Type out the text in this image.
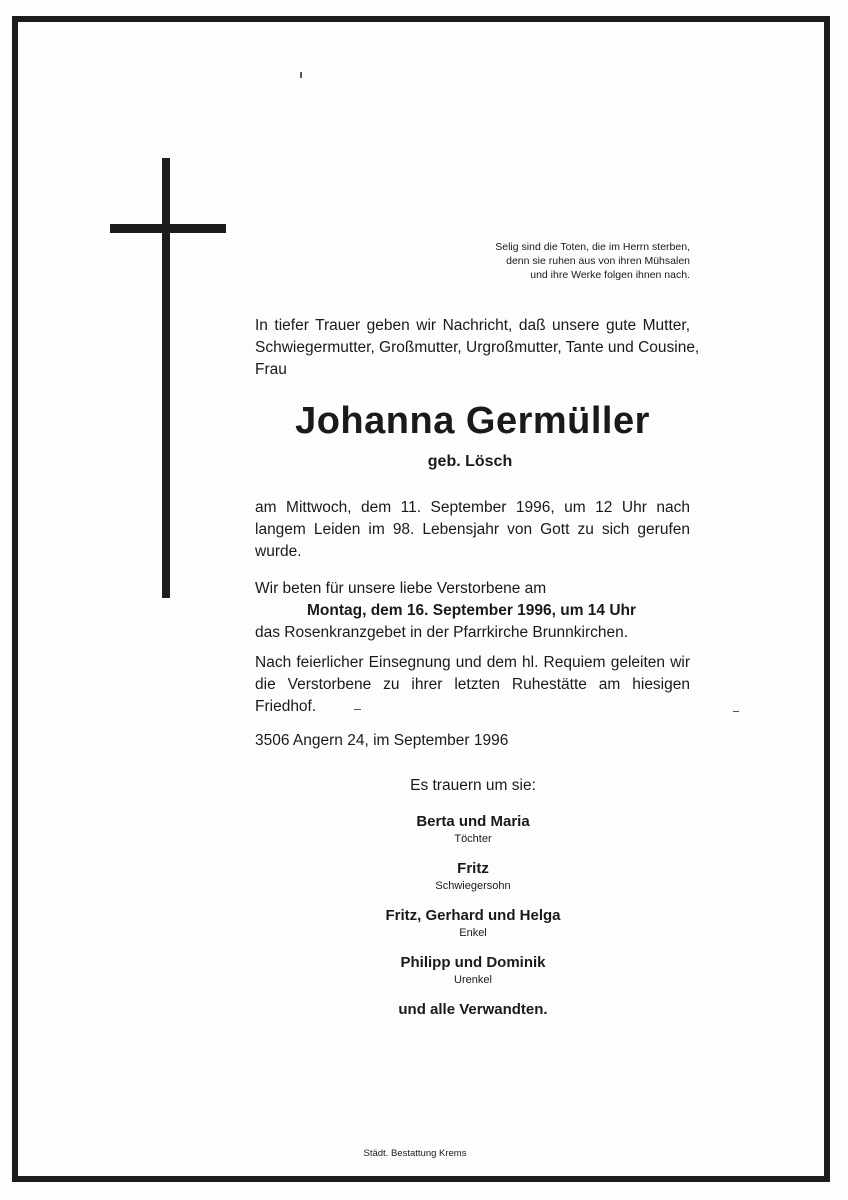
Selig sind die Toten, die im Herrn sterben,
denn sie ruhen aus von ihren Mühsalen
und ihre Werke folgen ihnen nach.
In tiefer Trauer geben wir Nachricht, daß unsere gute Mutter,
Schwiegermutter, Großmutter, Urgroßmutter, Tante und Cousine,
Frau
Johanna Germüller
geb. Lösch
am Mittwoch, dem 11. September 1996, um 12 Uhr nach
langem Leiden im 98. Lebensjahr von Gott zu sich gerufen
wurde.
Wir beten für unsere liebe Verstorbene am
Montag, dem 16. September 1996, um 14 Uhr
das Rosenkranzgebet in der Pfarrkirche Brunnkirchen.
Nach feierlicher Einsegnung und dem hl. Requiem geleiten wir
die Verstorbene zu ihrer letzten Ruhestätte am hiesigen
Friedhof.
3506 Angern 24, im September 1996
Es trauern um sie:
Berta und Maria
Töchter
Fritz
Schwiegersohn
Fritz, Gerhard und Helga
Enkel
Philipp und Dominik
Urenkel
und alle Verwandten.
Städt. Bestattung Krems
